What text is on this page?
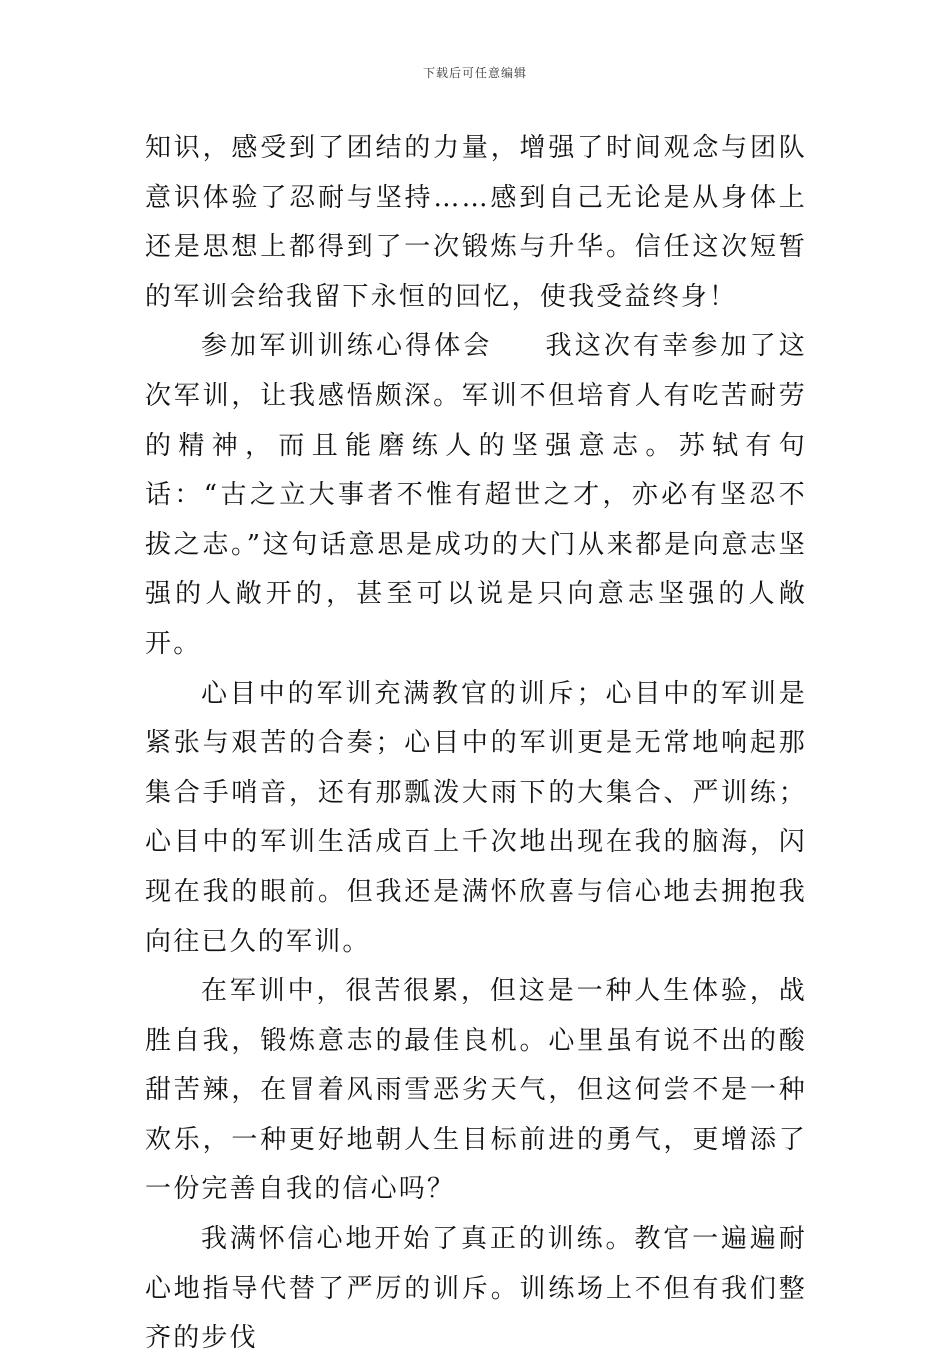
下载后可任意编辑

知识，感受到了团结的力量，增强了时间观念与团队意识体验了忍耐与坚持……感到自己无论是从身体上还是思想上都得到了一次锻炼与升华。信任这次短暂的军训会给我留下永恒的回忆，使我受益终身！

参加军训训练心得体会 我这次有幸参加了这次军训，让我感悟颇深。军训不但培育人有吃苦耐劳的精神，而且能磨练人的坚强意志。苏轼有句话：“古之立大事者不惟有超世之才，亦必有坚忍不拔之志。”这句话意思是成功的大门从来都是向意志坚强的人敞开的，甚至可以说是只向意志坚强的人敞开。

心目中的军训充满教官的训斥；心目中的军训是紧张与艰苦的合奏；心目中的军训更是无常地响起那集合手哨音，还有那瓢泼大雨下的大集合、严训练；心目中的军训生活成百上千次地出现在我的脑海，闪现在我的眼前。但我还是满怀欣喜与信心地去拥抱我向往已久的军训。

在军训中，很苦很累，但这是一种人生体验，战胜自我，锻炼意志的最佳良机。心里虽有说不出的酸甜苦辣，在冒着风雨雪恶劣天气，但这何尝不是一种欢乐，一种更好地朝人生目标前进的勇气，更增添了一份完善自我的信心吗？

我满怀信心地开始了真正的训练。教官一遍遍耐心地指导代替了严厉的训斥。训练场上不但有我们整齐的步伐
